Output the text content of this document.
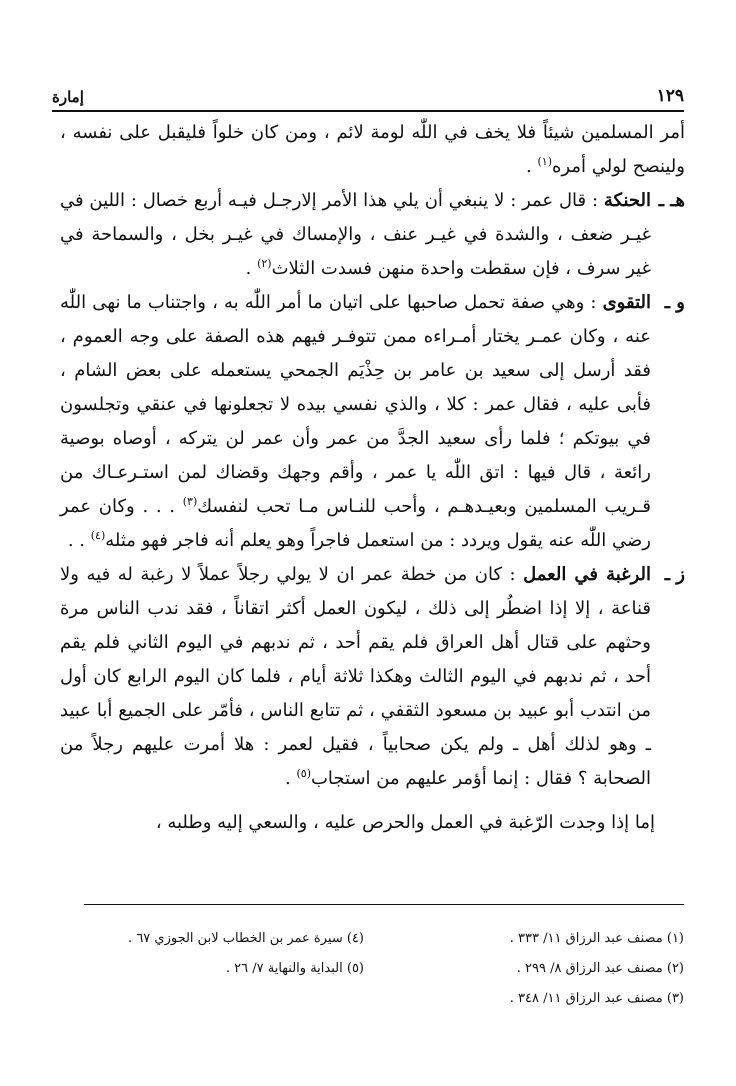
إمارة	١٢٩

أمر المسلمين شيئاً فلا يخف في اللّٰه لومة لائم ، ومن كان خلواً فليقبل على نفسه ، ولينصح لولي أمره$^{(١)}$ .

هـ ـ
الحنكة : قال عمر : لا ينبغي أن يلي هذا الأمر إلارجـل فيـه أربع خصال : اللين في غيـر ضعف ، والشدة في غيـر عنف ، والإمساك في غيـر بخل ، والسماحة في غير سرف ، فإن سقطت واحدة منهن فسدت الثلاث$^{(٢)}$ .

و ـ
التقوى : وهي صفة تحمل صاحبها على اتيان ما أمر اللّٰه به ، واجتناب ما نهى اللّٰه عنه ، وكان عمـر يختار أمـراءه ممن تتوفـر فيهم هذه الصفة على وجه العموم ، فقد أرسل إلى سعيد بن عامر بن حِذْيَم الجمحي يستعمله على بعض الشام ، فأبى عليه ، فقال عمر : كلا ، والذي نفسي بيده لا تجعلونها في عنقي وتجلسون في بيوتكم ؛ فلما رأى سعيد الجدَّ من عمر وأن عمر لن يتركه ، أوصاه بوصية رائعة ، قال فيها : اتق اللّٰه يا عمر ، وأقم وجهك وقضاك لمن استـرعـاك من قـريب المسلمين وبعيـدهـم ، وأحب للنـاس مـا تحب لنفسك$^{(٣)}$ . . . وكان عمر رضي اللّٰه عنه يقول ويردد : من استعمل فاجراً وهو يعلم أنه فاجر فهو مثله$^{(٤)}$ . .

ز ـ
الرغبة في العمل : كان من خطة عمر ان لا يولي رجلاً عملاً لا رغبة له فيه ولا قناعة ، إلا إذا اضطُر إلى ذلك ، ليكون العمل أكثر اتقاناً ، فقد ندب الناس مرة وحثهم على قتال أهل العراق فلم يقم أحد ، ثم ندبهم في اليوم الثاني فلم يقم أحد ، ثم ندبهم في اليوم الثالث وهكذا ثلاثة أيام ، فلما كان اليوم الرابع كان أول من انتدب أبو عبيد بن مسعود الثقفي ، ثم تتابع الناس ، فأمّر على الجميع أبا عبيد ـ وهو لذلك أهل ـ ولم يكن صحابياً ، فقيل لعمر : هلا أمرت عليهم رجلاً من الصحابة ؟ فقال : إنما أؤمر عليهم من استجاب$^{(٥)}$ .

إما إذا وجدت الرّغبة في العمل والحرص عليه ، والسعي إليه وطلبه ،

(١) مصنف عبد الرزاق ١١/ ٣٣٣ .
(٢) مصنف عبد الرزاق ٨/ ٢٩٩ .
(٣) مصنف عبد الرزاق ١١/ ٣٤٨ .
(٤) سيرة عمر بن الخطاب لابن الجوزي ٦٧ .
(٥) البداية والنهاية ٧/ ٢٦ .
